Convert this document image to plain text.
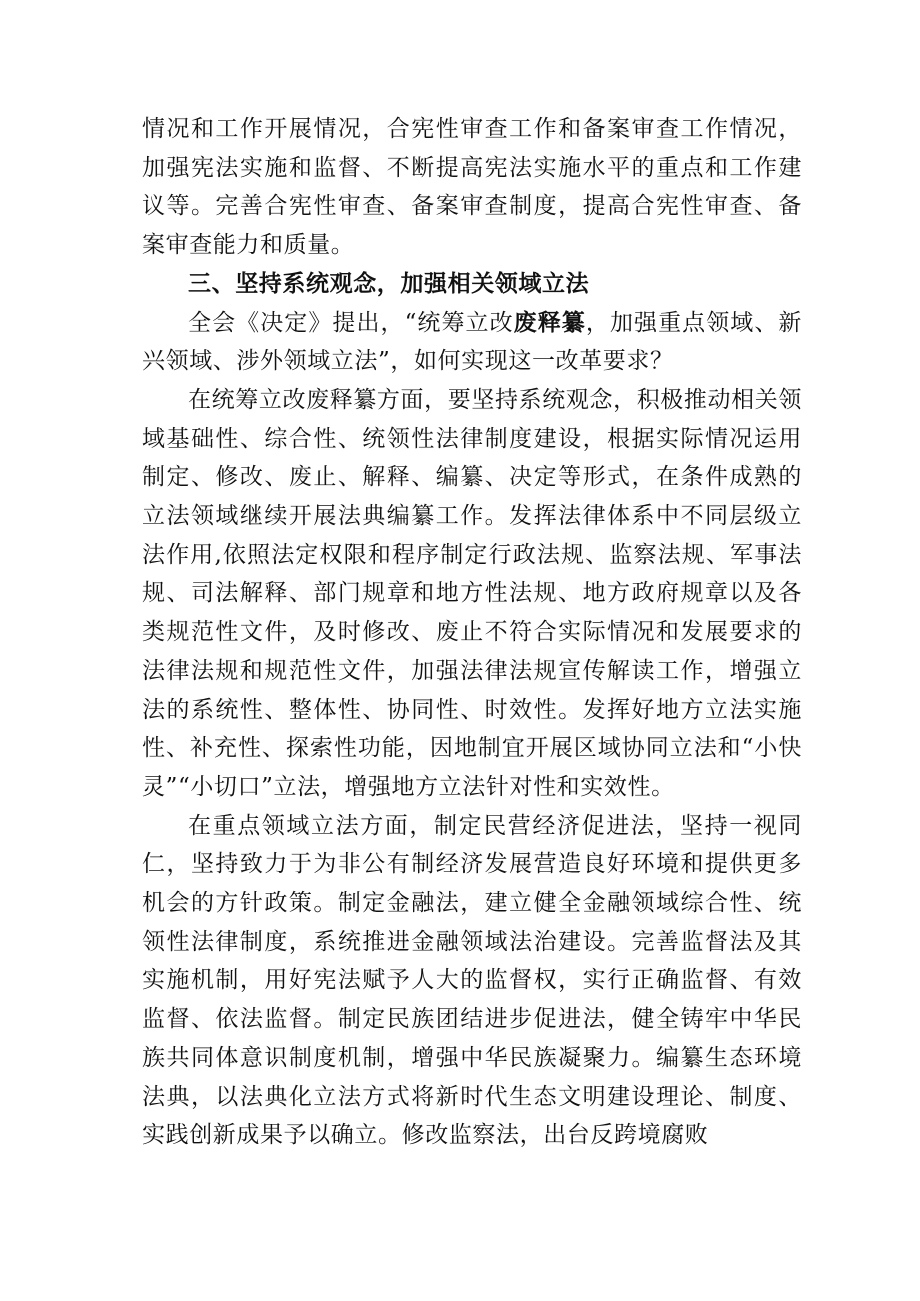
情况和工作开展情况，合宪性审查工作和备案审查工作情况，加强宪法实施和监督、不断提高宪法实施水平的重点和工作建议等。完善合宪性审查、备案审查制度，提高合宪性审查、备案审查能力和质量。

三、坚持系统观念，加强相关领域立法

全会《决定》提出，“统筹立改废释纂，加强重点领域、新兴领域、涉外领域立法”，如何实现这一改革要求？

在统筹立改废释纂方面，要坚持系统观念，积极推动相关领域基础性、综合性、统领性法律制度建设，根据实际情况运用制定、修改、废止、解释、编纂、决定等形式，在条件成熟的立法领域继续开展法典编纂工作。发挥法律体系中不同层级立法作用,依照法定权限和程序制定行政法规、监察法规、军事法规、司法解释、部门规章和地方性法规、地方政府规章以及各类规范性文件，及时修改、废止不符合实际情况和发展要求的法律法规和规范性文件，加强法律法规宣传解读工作，增强立法的系统性、整体性、协同性、时效性。发挥好地方立法实施性、补充性、探索性功能，因地制宜开展区域协同立法和“小快灵”“小切口”立法，增强地方立法针对性和实效性。

在重点领域立法方面，制定民营经济促进法，坚持一视同仁，坚持致力于为非公有制经济发展营造良好环境和提供更多机会的方针政策。制定金融法，建立健全金融领域综合性、统领性法律制度，系统推进金融领域法治建设。完善监督法及其实施机制，用好宪法赋予人大的监督权，实行正确监督、有效监督、依法监督。制定民族团结进步促进法，健全铸牢中华民族共同体意识制度机制，增强中华民族凝聚力。编纂生态环境法典，以法典化立法方式将新时代生态文明建设理论、制度、实践创新成果予以确立。修改监察法，出台反跨境腐败
